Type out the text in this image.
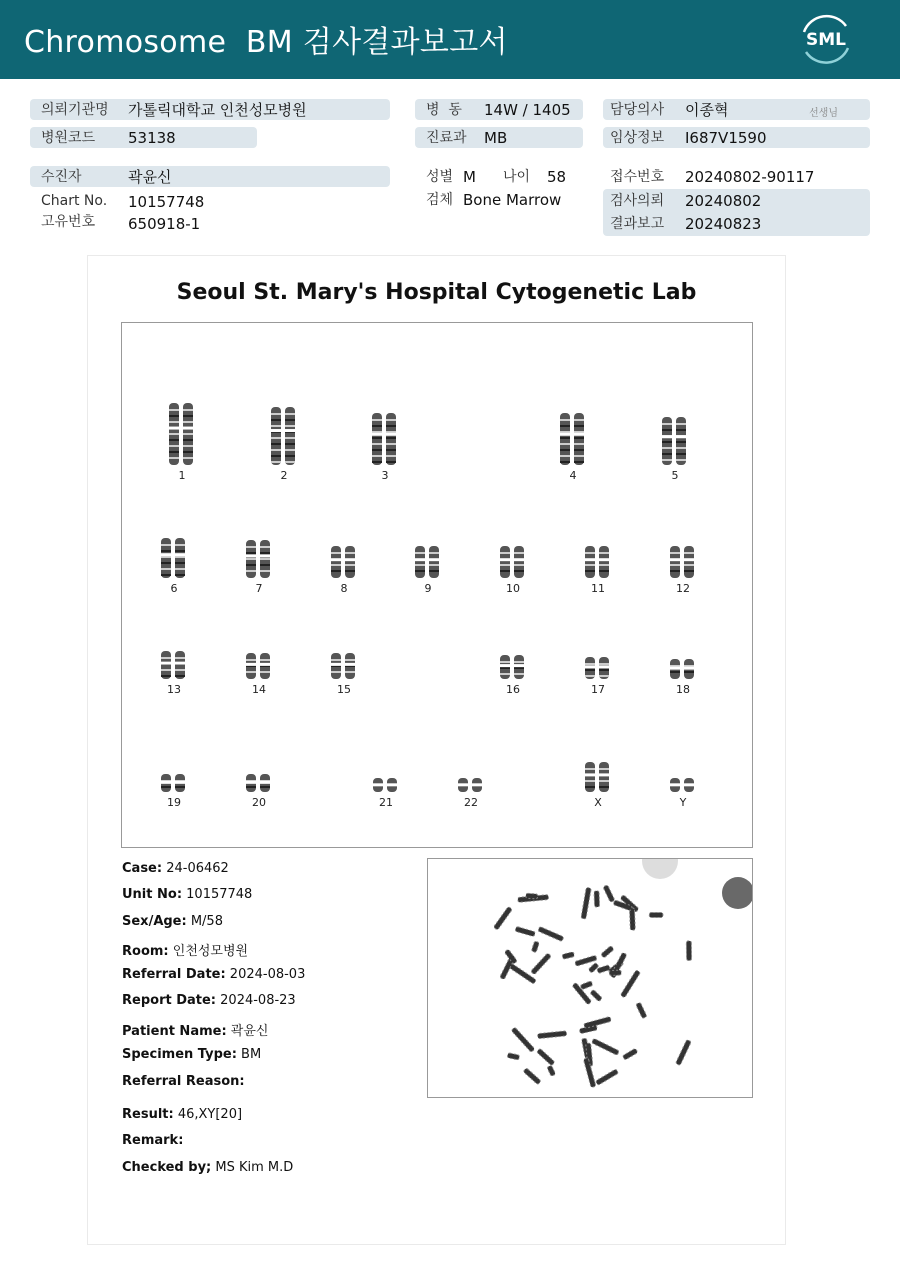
Chromosome  BM 검사결과보고서	SML
의뢰기관명 가톨릭대학교 인천성모병원
병원코드 53138
병  동 14W / 1405
진료과 MB
담당의사 이종혁	선생님
임상정보 I687V1590
수진자	곽윤신
Chart No. 10157748
고유번호 650918-1
성별 M 나이 58
검체 Bone Marrow
접수번호 20240802-90117
검사의뢰 20240802
결과보고 20240823
Seoul St. Mary's Hospital Cytogenetic Lab
1	2	3	4	5
6	7	8	9	10	11	12
13	14	15	16	17	18
19	20	21	22	X	Y
Case: 24-06462
Unit No: 10157748
Sex/Age: M/58
Room: 인천성모병원
Referral Date: 2024-08-03
Report Date: 2024-08-23
Patient Name: 곽윤신
Specimen Type: BM
Referral Reason:
Result: 46,XY[20]
Remark:
Checked by; MS Kim M.D
